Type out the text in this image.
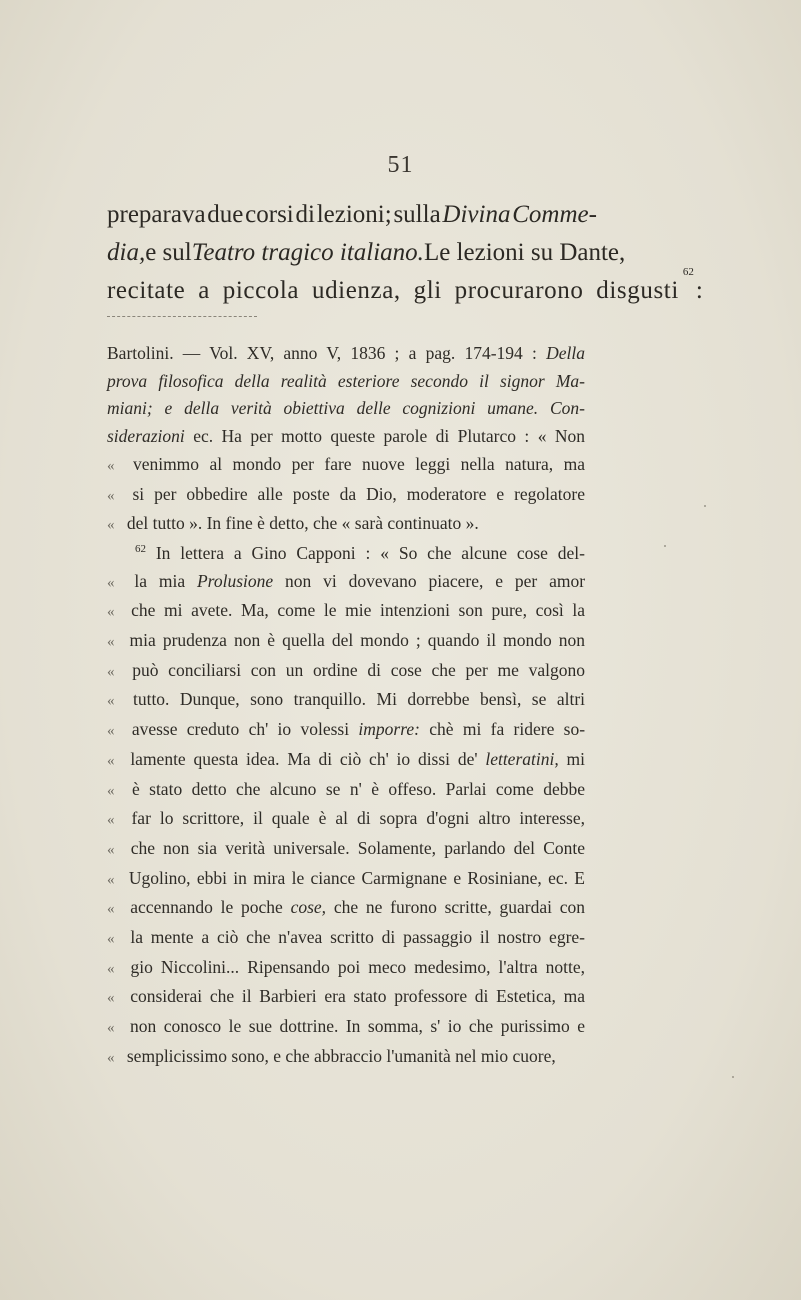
51
preparava due corsi di lezioni; sulla Divina Comme-
dia, e sul Teatro tragico italiano. Le lezioni su Dante,
recitate a piccola udienza, gli procurarono disgusti
62
:
Bartolini. — Vol. XV, anno V, 1836 ; a pag. 174-194 : Della
prova filosofica della realità esteriore secondo il signor Ma-
miani; e della verità obiettiva delle cognizioni umane. Con-
siderazioni ec. Ha per motto queste parole di Plutarco : « Non
« venimmo al mondo per fare nuove leggi nella natura, ma
« si per obbedire alle poste da Dio, moderatore e regolatore
« del tutto ». In fine è detto, che « sarà continuato ».
$^{62}$ In lettera a Gino Capponi : « So che alcune cose del-
« la mia Prolusione non vi dovevano piacere, e per amor
« che mi avete. Ma, come le mie intenzioni son pure, così la
« mia prudenza non è quella del mondo ; quando il mondo non
« può conciliarsi con un ordine di cose che per me valgono
« tutto. Dunque, sono tranquillo. Mi dorrebbe bensì, se altri
« avesse creduto ch' io volessi imporre: chè mi fa ridere so-
« lamente questa idea. Ma di ciò ch' io dissi de' letteratini, mi
« è stato detto che alcuno se n' è offeso. Parlai come debbe
« far lo scrittore, il quale è al di sopra d'ogni altro interesse,
« che non sia verità universale. Solamente, parlando del Conte
« Ugolino, ebbi in mira le ciance Carmignane e Rosiniane, ec. E
« accennando le poche cose, che ne furono scritte, guardai con
« la mente a ciò che n'avea scritto di passaggio il nostro egre-
« gio Niccolini... Ripensando poi meco medesimo, l'altra notte,
« considerai che il Barbieri era stato professore di Estetica, ma
« non conosco le sue dottrine. In somma, s' io che purissimo e
« semplicissimo sono, e che abbraccio l'umanità nel mio cuore,
